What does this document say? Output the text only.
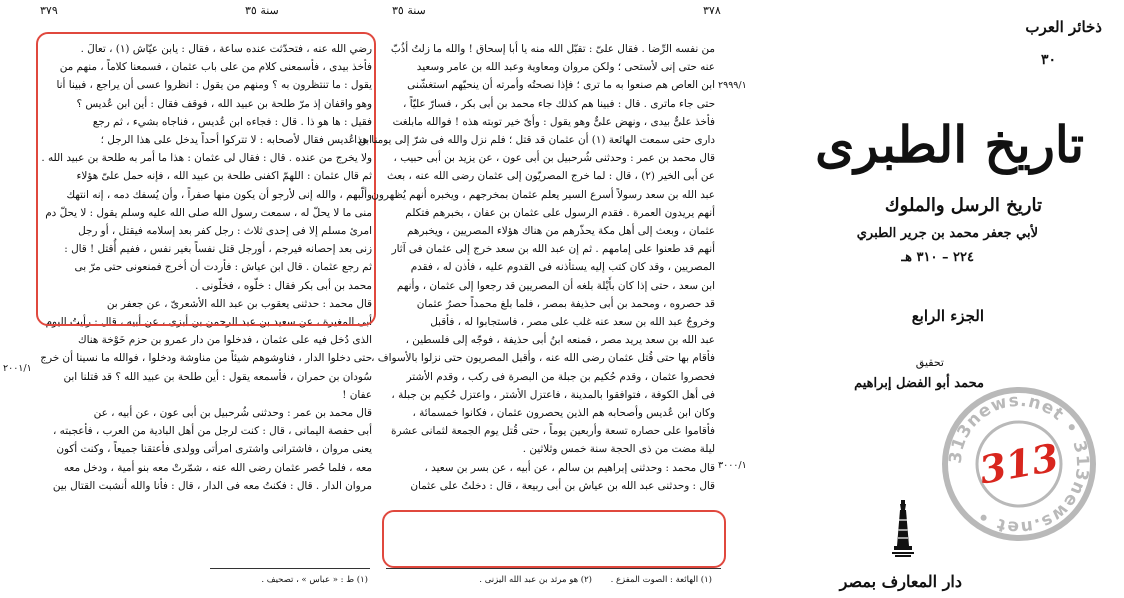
٣٧٩	سنة ٣٥
رضي الله عنه ، فتحدّثت عنده ساعة ، فقال : يابن عيّاش (١) ، تعالَ .
فأخذ بيدى ، فأسمعنى كلام من على باب عثمان ، فسمعنا كلاماً ، منهم من
يقول : ما تنتظرون به ؟ ومنهم من يقول : انظروا عسى أن يراجع ، فبينا أنا
وهو واقفان إذ مرّ طلحة بن عبيد الله ، فوقف فقال : أين ابن عُديس ؟
فقيل : ها هو ذا . قال : فجاءه ابن عُديس ، فناجاه بشيء ، ثم رجع
ابن عُديس فقال لأصحابه : لا تتركوا أحداً يدخل على هذا الرجل ؛
ولا يخرج من عنده . قال : فقال لى عثمان : هذا ما أمر به طلحة بن عبيد الله .
ثم قال عثمان : اللهمّ اكفنى طلحة بن عبيد الله ، فإنه حمل علىّ هؤلاء
وألّبهم ، والله إنى لأرجو أن يكون منها صفراً ، وأن يُسفك دمه ، إنه انتهك
منى ما لا يحلّ له ، سمعت رسول الله صلى الله عليه وسلم يقول : لا يحلّ دم
امرئ مسلم إلا فى إحدى ثلاث : رجل كفر بعد إسلامه فيقتل ، أو رجل
زنى بعد إحصانه فيرجم ، أورجل قتل نفساً بغير نفس ، ففيم أُقتل ! قال :
ثم رجع عثمان . قال ابن عياش : فأردت أن أخرج فمنعونى حتى مرّ بى
محمد بن أبى بكر فقال : خلّوه ، فخلّونى .
قال محمد : حدثنى يعقوب بن عبد الله الأشعرىّ ، عن جعفر بن
أبى المغيرة ، عن سعيد بن عبد الرحمن بن أبزى ، عن أبيه ، قال : رأيتُ اليوم
الذى دُخل فيه على عثمان ، فدخلوا من دار عمرو بن حزم خَوْخة هناك
حتى دخلوا الدار ، فناوشوهم شيئاً من مناوشة ودخلوا ، فوالله ما نسينا أن خرج
سُودان بن حمران ، فأسمعه يقول : أين طلحة بن عبيد الله ؟ قد قتلنا ابن
عفان !
قال محمد بن عمر : وحدثنى شُرحبيل بن أبى عون ، عن أبيه ، عن
أبى حفصة اليمانى ، قال : كنت لرجل من أهل البادية من العرب ، فأعجبته ،
يعنى مروان ، فاشترانى واشترى امرأتى وولدى فأعتقنا جميعاً ، وكنت أكون
معه ، فلما حُصر عثمان رضى الله عنه ، شمّرتْ معه بنو أمية ، ودخل معه
مروان الدار . قال : فكنتُ معه فى الدار ، قال : فأنا والله أنشبت القتال بين
٢٠٠١/١
(١) ط : « عباس » ، تصحيف .
سنة ٣٥	٣٧٨
من نفسه الرِّضا . فقال علىّ : تقبّل الله منه يا أبا إسحاق ! والله ما زلتُ أذُبّ
عنه حتى إنى لأستحى ؛ ولكن مروان ومعاوية وعبد الله بن عامر وسعيد
ابن العاص هم صنعوا به ما ترى ؛ فإذا نصحتُه وأمرته أن ينحيّهم استغشّنى
حتى جاء ماترى . قال : فبينا هم كذلك جاء محمد بن أبى بكر ، فسارّ عليّاً ،
فأخذ علىٌّ بيدى ، ونهض علىٌّ وهو يقول : وأىّ خير توبته هذه ! فوالله مابلغت
دارى حتى سمعت الهائعة (١) أن عثمان قد قتل ؛ فلم نزل والله فى شرّ إلى يومنا هذا .
قال محمد بن عمر : وحدثنى شُرحبيل بن أبى عون ، عن يزيد بن أبى حبيب ،
عن أبى الخير (٢) ، قال : لما خرج المصريّون إلى عثمان رضى الله عنه ، بعث
عبد الله بن سعد رسولاً أسرع السير يعلم عثمان بمخرجهم ، ويخبره أنهم يُظهرون
أنهم يريدون العمرة . فقدم الرسول على عثمان بن عفان ، بخبرهم فتكلم
عثمان ، وبعث إلى أهل مكة يحذّرهم من هناك هؤلاء المصريين ، ويخبرهم
أنهم قد طعنوا على إمامهم . ثم إن عبد الله بن سعد خرج إلى عثمان فى آثار
المصريين ، وقد كان كتب إليه يستأذنه فى القدوم عليه ، فأذن له ، فقدم
ابن سعد ، حتى إذا كان بأَيْلة بلغه أن المصريين قد رجعوا إلى عثمان ، وأنهم
قد حصروه ، ومحمد بن أبى حذيفة بمصر ، فلما بلغ محمداً حصرُ عثمان
وخروجُ عبد الله بن سعد عنه غلب على مصر ، فاستجابوا له ، فأقبل
عبد الله بن سعد يريد مصر ، فمنعه ابنُ أبى حذيفة ، فوجّه إلى فلسطين ،
فأقام بها حتى قُتل عثمان رضى الله عنه ، وأقبل المصريون حتى نزلوا بالأسواف ،
فحصروا عثمان ، وقدم حُكيم بن جبلة من البصرة فى ركب ، وقدم الأشتر
فى أهل الكوفة ، فتوافقوا بالمدينة ، فاعتزل الأشتر ، واعتزل حُكيم بن جبلة ،
وكان ابن عُديس وأصحابه هم الذين يحصرون عثمان ، فكانوا خمسمائة ،
فأقاموا على حصاره تسعة وأربعين يوماً ، حتى قُتل يوم الجمعة لثمانى عشرة
ليلة مضت من ذى الحجة سنة خمس وثلاثين .
قال محمد : وحدثنى إبراهيم بن سالم ، عن أبيه ، عن بسر بن سعيد ،
قال : وحدثنى عبد الله بن عياش بن أبى ربيعة ، قال : دخلتُ على عثمان
٢٩٩٩/١
٣٠٠٠/١
(١) الهائعة : الصوت المفزع .
(٢) هو مرثد بن عبد الله اليزنى .
ذخائر العرب
٣٠
تاريخ الطبرى
تاريخ الرسل والملوك
لأبي جعفر محمد بن جرير الطبري
٢٢٤ – ٣١٠ هـ
الجزء الرابع
تحقيق
محمد أبو الفضل إبراهيم
دار المعارف بمصر
313news.net • 313news.net •
313
